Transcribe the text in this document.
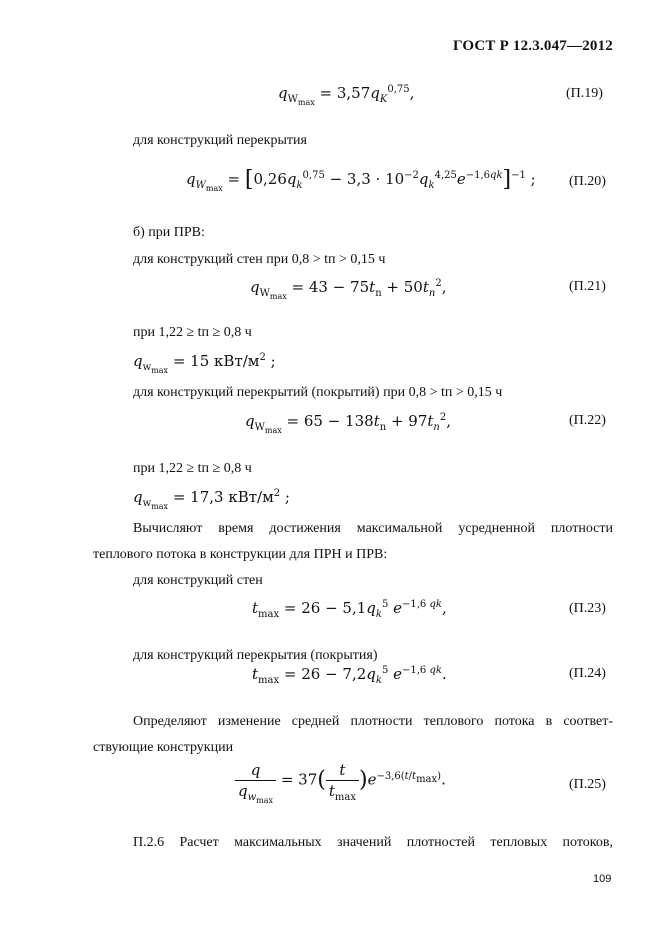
ГОСТ Р 12.3.047—2012
$q_{W_{max}} = 3,57q_K^{0,75}$,	(П.19)
для конструкций перекрытия
$q_{W_{max}} = [0,26q_k^{0,75} - 3,3 \cdot 10^{-2}q_k^{4,25}e^{-1,6qk}]^{-1}$ ; (П.20)
б) при ПРВ:
для конструкций стен при 0,8 > tп > 0,15 ч
$q_{W_{max}} = 43 - 75t_n + 50t_n^2$,	(П.21)
при 1,22 ≥ tп ≥ 0,8 ч
$q_{w_{max}} = 15$ кВт/$м^2$ ;
для конструкций перекрытий (покрытий) при 0,8 > tп > 0,15 ч
$q_{W_{max}} = 65 - 138t_n + 97t_n^2$,	(П.22)
при 1,22 ≥ tп ≥ 0,8 ч
$q_{w_{max}} = 17,3$ кВт/$м^2$ ;
Вычисляют время достижения максимальной усредненной плотности
теплового потока в конструкции для ПРН и ПРВ:
для конструкций стен
$t_{max} = 26 - 5,1q_k^5$ $e^{-1,6 qk}$,	(П.23)
для конструкций перекрытия (покрытия)
$t_{max} = 26 - 7,2q_k^5$ $e^{-1,6 qk}$.	(П.24)
Определяют изменение средней плотности теплового потока в соответ-
ствующие конструкции
$\frac{q}{q_{w_{max}}} = 37( \frac{t}{t_{max}} )e^{-3,6(t/t_{max})}$.	(П.25)
П.2.6 Расчет максимальных значений плотностей тепловых потоков,
109
